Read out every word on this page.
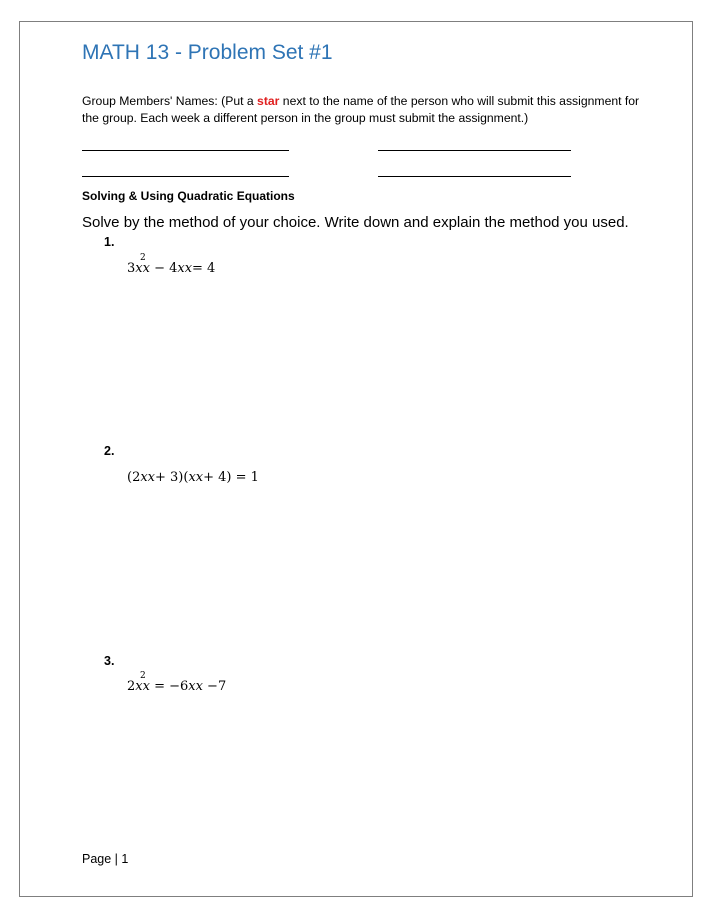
MATH 13 - Problem Set #1
Group Members' Names: (Put a star next to the name of the person who will submit this assignment for the group. Each week a different person in the group must submit the assignment.)
Solving & Using Quadratic Equations
Solve by the method of your choice. Write down and explain the method you used.
1.
2
3𝑥𝑥 − 4𝑥𝑥= 4
2.
(2𝑥𝑥+ 3)(𝑥𝑥+ 4) = 1
3.
2
2𝑥𝑥 = −6𝑥𝑥 −7
Page | 1
